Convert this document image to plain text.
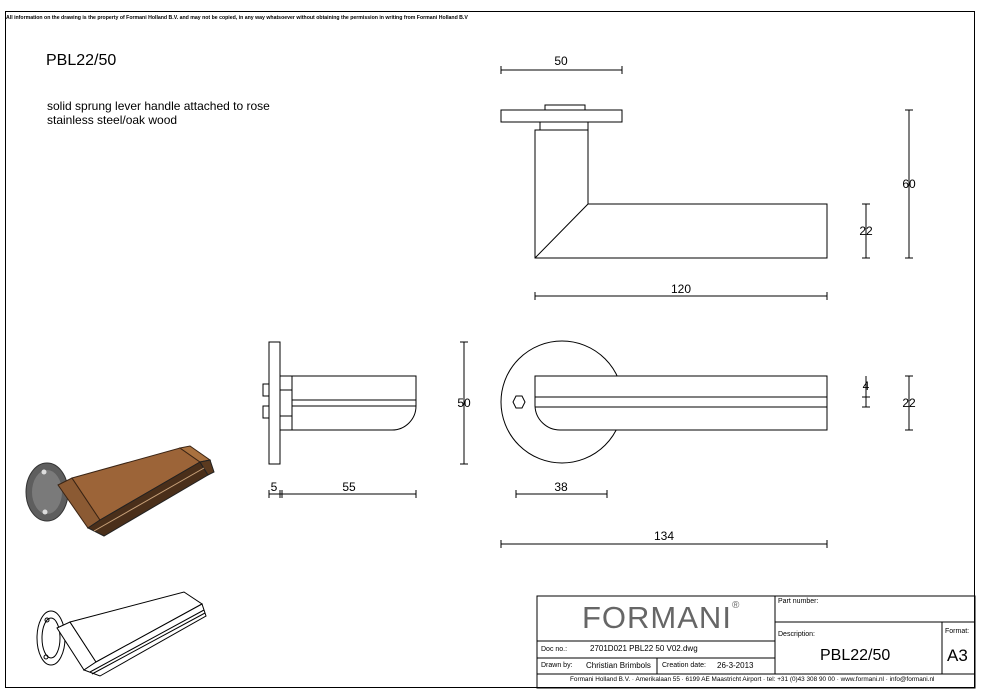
All information on the drawing is the property of Formani Holland B.V. and may not be copied, in any way whatsoever without obtaining the permission in writing from Formani Holland B.V
PBL22/50
solid sprung lever handle attached to rose
stainless steel/oak wood
50
60
22
120
50
5	55
4
22
38
134
FORMANI®	Part number:
Description:
PBL22/50
Format:
A3
Doc no.:	2701D021 PBL22 50 V02.dwg
Drawn by: Christian Brimbols Creation date: 26-3-2013
Formani Holland B.V. · Amerikalaan 55 · 6199 AE Maastricht Airport · tel: +31 (0)43 308 90 00 · www.formani.nl · info@formani.nl
